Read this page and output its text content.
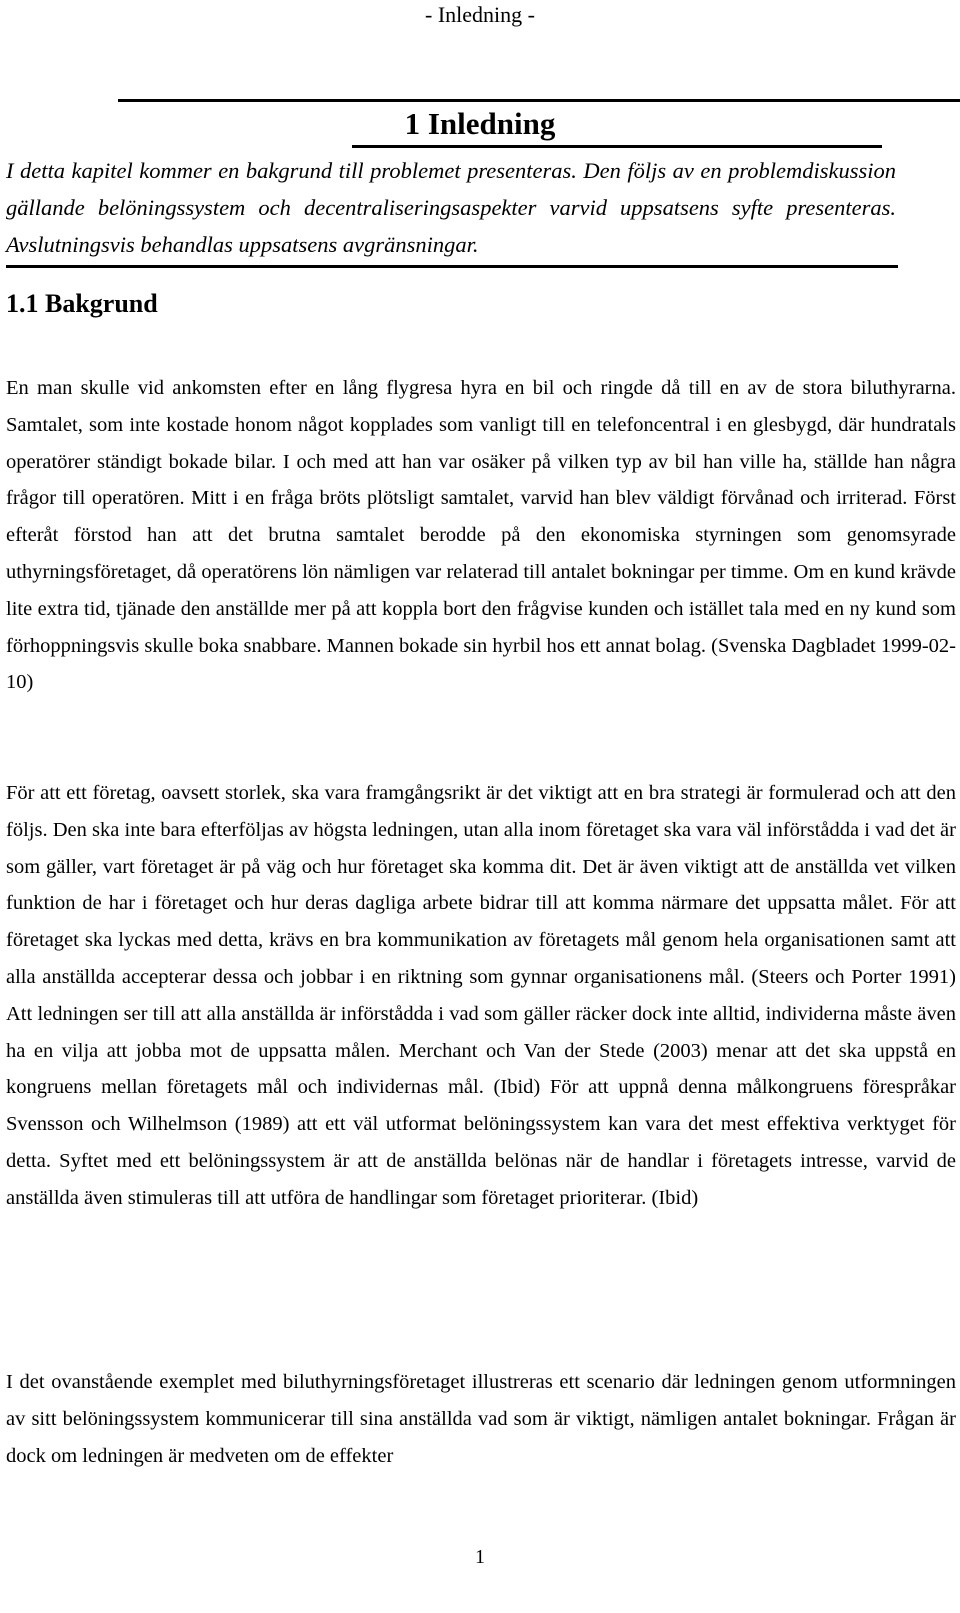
- Inledning -
1 Inledning

I detta kapitel kommer en bakgrund till problemet presenteras. Den följs av en problemdiskussion gällande belöningssystem och decentraliseringsaspekter varvid uppsatsens syfte presenteras. Avslutningsvis behandlas uppsatsens avgränsningar.

1.1 Bakgrund

En man skulle vid ankomsten efter en lång flygresa hyra en bil och ringde då till en av de stora biluthyrarna. Samtalet, som inte kostade honom något kopplades som vanligt till en telefoncentral i en glesbygd, där hundratals operatörer ständigt bokade bilar. I och med att han var osäker på vilken typ av bil han ville ha, ställde han några frågor till operatören. Mitt i en fråga bröts plötsligt samtalet, varvid han blev väldigt förvånad och irriterad. Först efteråt förstod han att det brutna samtalet berodde på den ekonomiska styrningen som genomsyrade uthyrningsföretaget, då operatörens lön nämligen var relaterad till antalet bokningar per timme. Om en kund krävde lite extra tid, tjänade den anställde mer på att koppla bort den frågvise kunden och istället tala med en ny kund som förhoppningsvis skulle boka snabbare. Mannen bokade sin hyrbil hos ett annat bolag. (Svenska Dagbladet 1999-02-10)

För att ett företag, oavsett storlek, ska vara framgångsrikt är det viktigt att en bra strategi är formulerad och att den följs. Den ska inte bara efterföljas av högsta ledningen, utan alla inom företaget ska vara väl införstådda i vad det är som gäller, vart företaget är på väg och hur företaget ska komma dit. Det är även viktigt att de anställda vet vilken funktion de har i företaget och hur deras dagliga arbete bidrar till att komma närmare det uppsatta målet. För att företaget ska lyckas med detta, krävs en bra kommunikation av företagets mål genom hela organisationen samt att alla anställda accepterar dessa och jobbar i en riktning som gynnar organisationens mål. (Steers och Porter 1991) Att ledningen ser till att alla anställda är införstådda i vad som gäller räcker dock inte alltid, individerna måste även ha en vilja att jobba mot de uppsatta målen. Merchant och Van der Stede (2003) menar att det ska uppstå en kongruens mellan företagets mål och individernas mål. (Ibid) För att uppnå denna målkongruens förespråkar Svensson och Wilhelmson (1989) att ett väl utformat belöningssystem kan vara det mest effektiva verktyget för detta. Syftet med ett belöningssystem är att de anställda belönas när de handlar i företagets intresse, varvid de anställda även stimuleras till att utföra de handlingar som företaget prioriterar. (Ibid)

I det ovanstående exemplet med biluthyrningsföretaget illustreras ett scenario där ledningen genom utformningen av sitt belöningssystem kommunicerar till sina anställda vad som är viktigt, nämligen antalet bokningar. Frågan är dock om ledningen är medveten om de effekter

1
